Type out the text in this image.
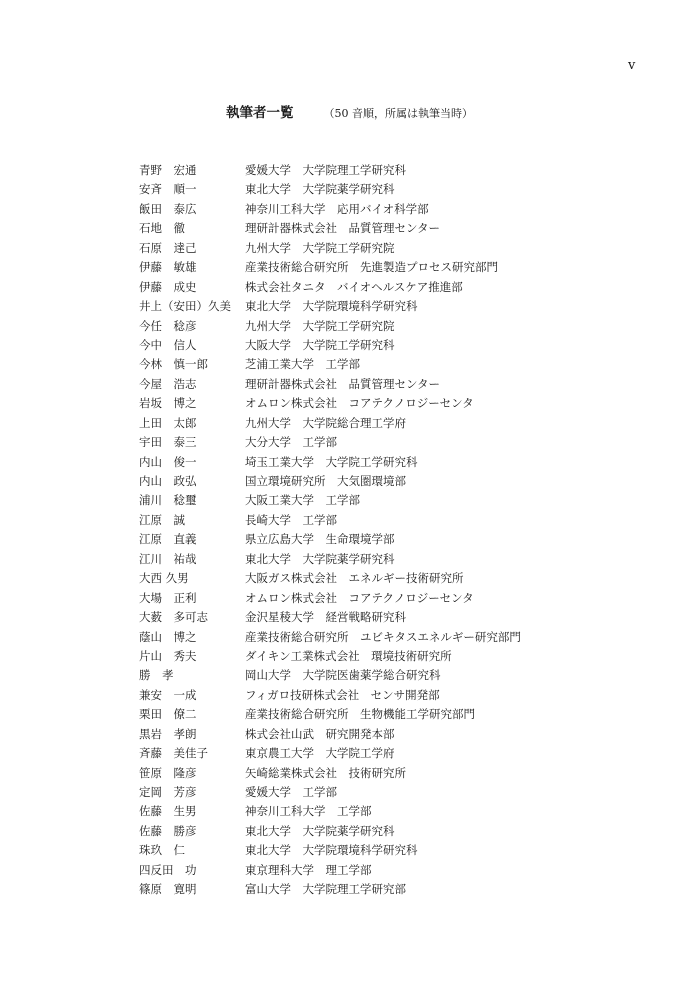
v
執筆者一覧	（50 音順，所属は執筆当時）
青野　宏通	愛媛大学　大学院理工学研究科
安斉　順一	東北大学　大学院薬学研究科
飯田　泰広	神奈川工科大学　応用バイオ科学部
石地　徹	理研計器株式会社　品質管理センター
石原　達己	九州大学　大学院工学研究院
伊藤　敏雄	産業技術総合研究所　先進製造プロセス研究部門
伊藤　成史	株式会社タニタ　バイオヘルスケア推進部
井上（安田）久美	東北大学　大学院環境科学研究科
今任　稔彦	九州大学　大学院工学研究院
今中　信人	大阪大学　大学院工学研究科
今林　慎一郎	芝浦工業大学　工学部
今屋　浩志	理研計器株式会社　品質管理センター
岩坂　博之	オムロン株式会社　コアテクノロジーセンタ
上田　太郎	九州大学　大学院総合理工学府
宇田　泰三	大分大学　工学部
内山　俊一	埼玉工業大学　大学院工学研究科
内山　政弘	国立環境研究所　大気圏環境部
浦川　稔璽	大阪工業大学　工学部
江原　誠	長崎大学　工学部
江原　直義	県立広島大学　生命環境学部
江川　祐哉	東北大学　大学院薬学研究科
大西 久男	大阪ガス株式会社　エネルギー技術研究所
大場　正利	オムロン株式会社　コアテクノロジーセンタ
大薮　多可志	金沢星稜大学　経営戦略研究科
蔭山　博之	産業技術総合研究所　ユビキタスエネルギー研究部門
片山　秀夫	ダイキン工業株式会社　環境技術研究所
勝　孝	岡山大学　大学院医歯薬学総合研究科
兼安　一成	フィガロ技研株式会社　センサ開発部
栗田　僚二	産業技術総合研究所　生物機能工学研究部門
黒岩　孝朗	株式会社山武　研究開発本部
斉藤　美佳子	東京農工大学　大学院工学府
笹原　隆彦	矢崎総業株式会社　技術研究所
定岡　芳彦	愛媛大学　工学部
佐藤　生男	神奈川工科大学　工学部
佐藤　勝彦	東北大学　大学院薬学研究科
珠玖　仁	東北大学　大学院環境科学研究科
四反田　功	東京理科大学　理工学部
篠原　寛明	富山大学　大学院理工学研究部
